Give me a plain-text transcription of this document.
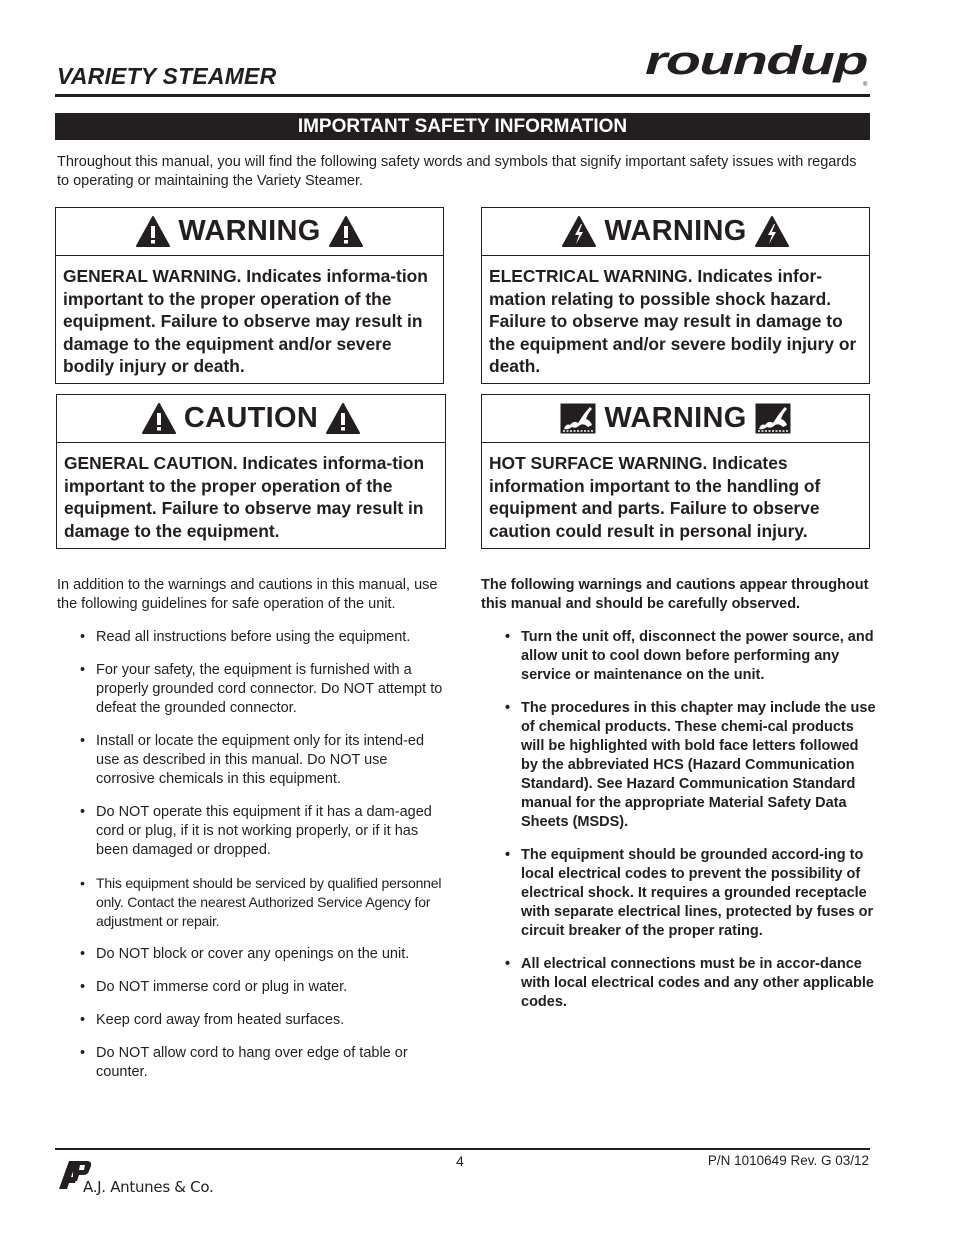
VARIETY STEAMER	roundup
®
IMPORTANT SAFETY INFORMATION
Throughout this manual, you will find the following safety words and symbols that signify important safety issues with regards to operating or maintaining the Variety Steamer.
WARNING
GENERAL WARNING. Indicates informa-tion important to the proper operation of the equipment. Failure to observe may result in damage to the equipment and/or severe bodily injury or death.
WARNING
ELECTRICAL WARNING. Indicates infor-mation relating to possible shock hazard. Failure to observe may result in damage to the equipment and/or severe bodily injury or death.
CAUTION
GENERAL CAUTION. Indicates informa-tion important to the proper operation of the equipment. Failure to observe may result in damage to the equipment.
WARNING
HOT SURFACE WARNING. Indicates information important to the handling of equipment and parts. Failure to observe caution could result in personal injury.

In addition to the warnings and cautions in this manual, use the following guidelines for safe operation of the unit.

• Read all instructions before using the equipment.
• For your safety, the equipment is furnished with a properly grounded cord connector. Do NOT attempt to defeat the grounded connector.
• Install or locate the equipment only for its intend-ed use as described in this manual. Do NOT use corrosive chemicals in this equipment.
• Do NOT operate this equipment if it has a dam-aged cord or plug, if it is not working properly, or if it has been damaged or dropped.
• This equipment should be serviced by qualified personnel only. Contact the nearest Authorized Service Agency for adjustment or repair.
• Do NOT block or cover any openings on the unit.
• Do NOT immerse cord or plug in water.
• Keep cord away from heated surfaces.
• Do NOT allow cord to hang over edge of table or counter.

The following warnings and cautions appear throughout this manual and should be carefully observed.

• Turn the unit off, disconnect the power source, and allow unit to cool down before performing any service or maintenance on the unit.
• The procedures in this chapter may include the use of chemical products. These chemi-cal products will be highlighted with bold face letters followed by the abbreviated HCS (Hazard Communication Standard). See Hazard Communication Standard manual for the appropriate Material Safety Data Sheets (MSDS).
• The equipment should be grounded accord-ing to local electrical codes to prevent the possibility of electrical shock. It requires a grounded receptacle with separate electrical lines, protected by fuses or circuit breaker of the proper rating.
• All electrical connections must be in accor-dance with local electrical codes and any other applicable codes.
A.J. Antunes & Co.
4	P/N 1010649 Rev. G 03/12
